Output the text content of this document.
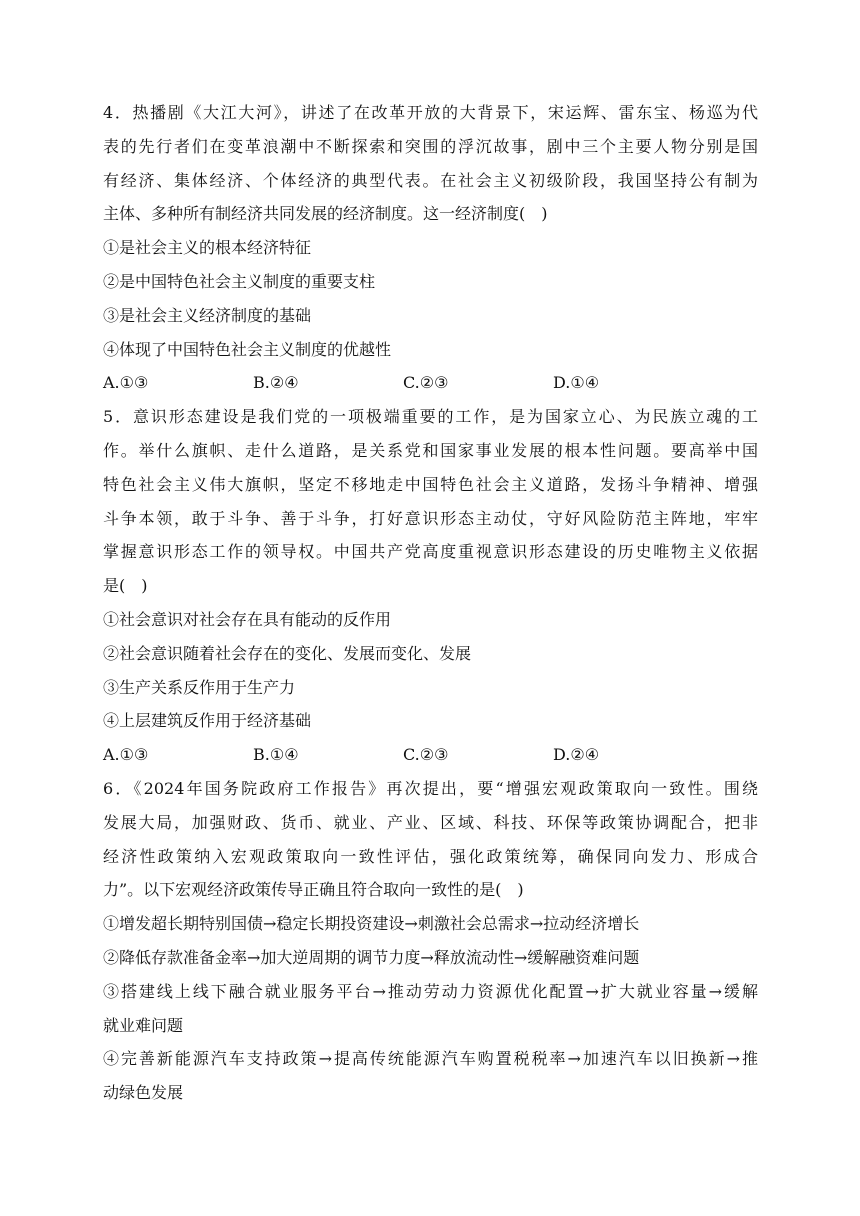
4．热播剧《大江大河》，讲述了在改革开放的大背景下，宋运辉、雷东宝、杨巡为代
表的先行者们在变革浪潮中不断探索和突围的浮沉故事，剧中三个主要人物分别是国
有经济、集体经济、个体经济的典型代表。在社会主义初级阶段，我国坚持公有制为
主体、多种所有制经济共同发展的经济制度。这一经济制度(　)
①是社会主义的根本经济特征
②是中国特色社会主义制度的重要支柱
③是社会主义经济制度的基础
④体现了中国特色社会主义制度的优越性
A.①③	B.②④	C.②③	D.①④
5．意识形态建设是我们党的一项极端重要的工作，是为国家立心、为民族立魂的工
作。举什么旗帜、走什么道路，是关系党和国家事业发展的根本性问题。要高举中国
特色社会主义伟大旗帜，坚定不移地走中国特色社会主义道路，发扬斗争精神、增强
斗争本领，敢于斗争、善于斗争，打好意识形态主动仗，守好风险防范主阵地，牢牢
掌握意识形态工作的领导权。中国共产党高度重视意识形态建设的历史唯物主义依据
是(　)
①社会意识对社会存在具有能动的反作用
②社会意识随着社会存在的变化、发展而变化、发展
③生产关系反作用于生产力
④上层建筑反作用于经济基础
A.①③	B.①④	C.②③	D.②④
6．《2024年国务院政府工作报告》再次提出，要“增强宏观政策取向一致性。围绕
发展大局，加强财政、货币、就业、产业、区域、科技、环保等政策协调配合，把非
经济性政策纳入宏观政策取向一致性评估，强化政策统筹，确保同向发力、形成合
力”。以下宏观经济政策传导正确且符合取向一致性的是(　)
①增发超长期特别国债→稳定长期投资建设→刺激社会总需求→拉动经济增长
②降低存款准备金率→加大逆周期的调节力度→释放流动性→缓解融资难问题
③搭建线上线下融合就业服务平台→推动劳动力资源优化配置→扩大就业容量→缓解
就业难问题
④完善新能源汽车支持政策→提高传统能源汽车购置税税率→加速汽车以旧换新→推
动绿色发展
